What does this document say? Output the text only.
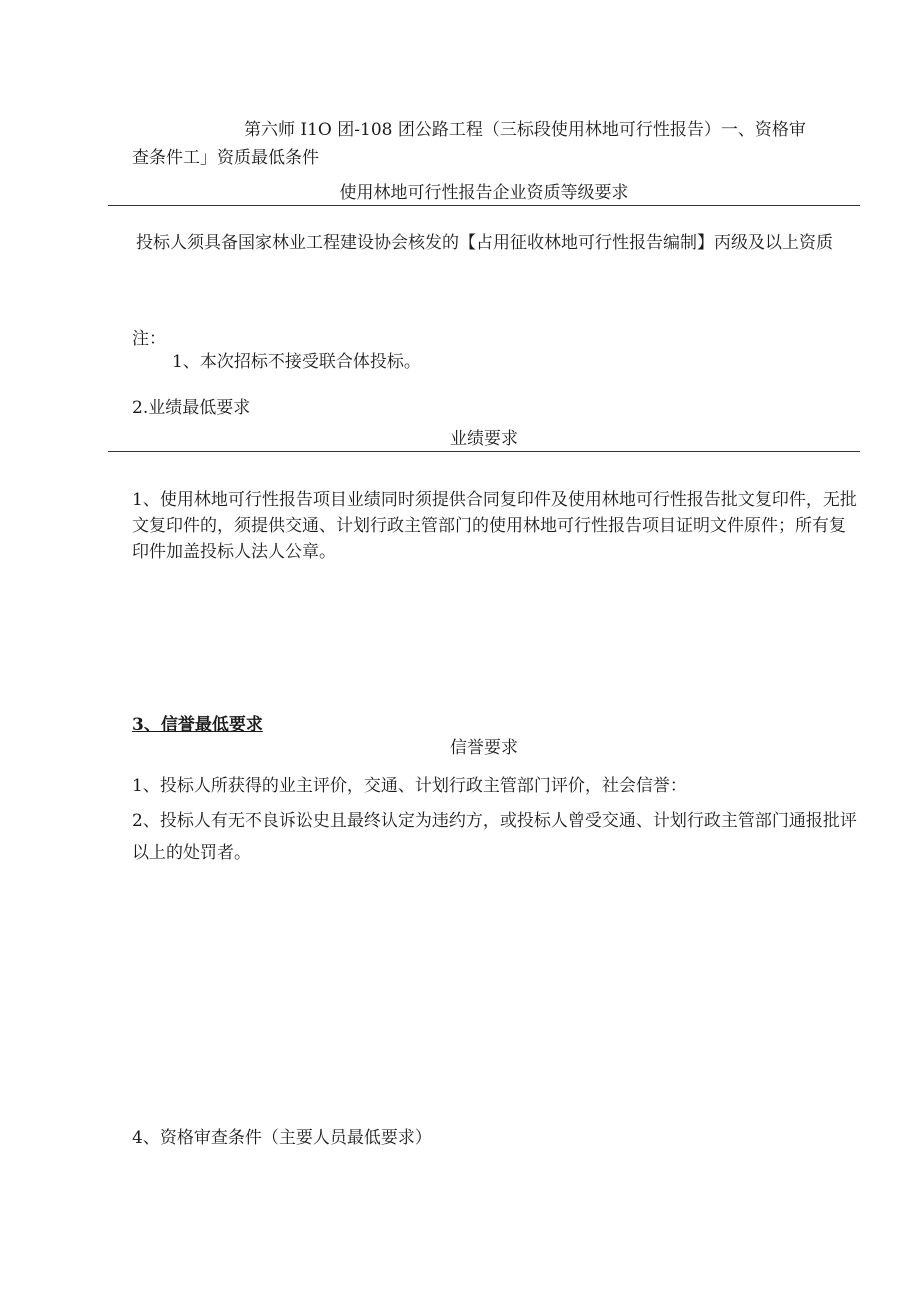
第六师 I1O 团-108 团公路工程（三标段使用林地可行性报告）一、资格审

查条件工」资质最低条件

使用林地可行性报告企业资质等级要求

投标人须具备国家林业工程建设协会核发的【占用征收林地可行性报告编制】丙级及以上资质

注：

1、本次招标不接受联合体投标。

2.业绩最低要求

业绩要求

1、使用林地可行性报告项目业绩同时须提供合同复印件及使用林地可行性报告批文复印件，无批文复印件的，须提供交通、计划行政主管部门的使用林地可行性报告项目证明文件原件；所有复印件加盖投标人法人公章。

3、信誉最低要求

信誉要求

1、投标人所获得的业主评价，交通、计划行政主管部门评价，社会信誉：

2、投标人有无不良诉讼史且最终认定为违约方，或投标人曾受交通、计划行政主管部门通报批评以上的处罚者。

4、资格审查条件（主要人员最低要求）
